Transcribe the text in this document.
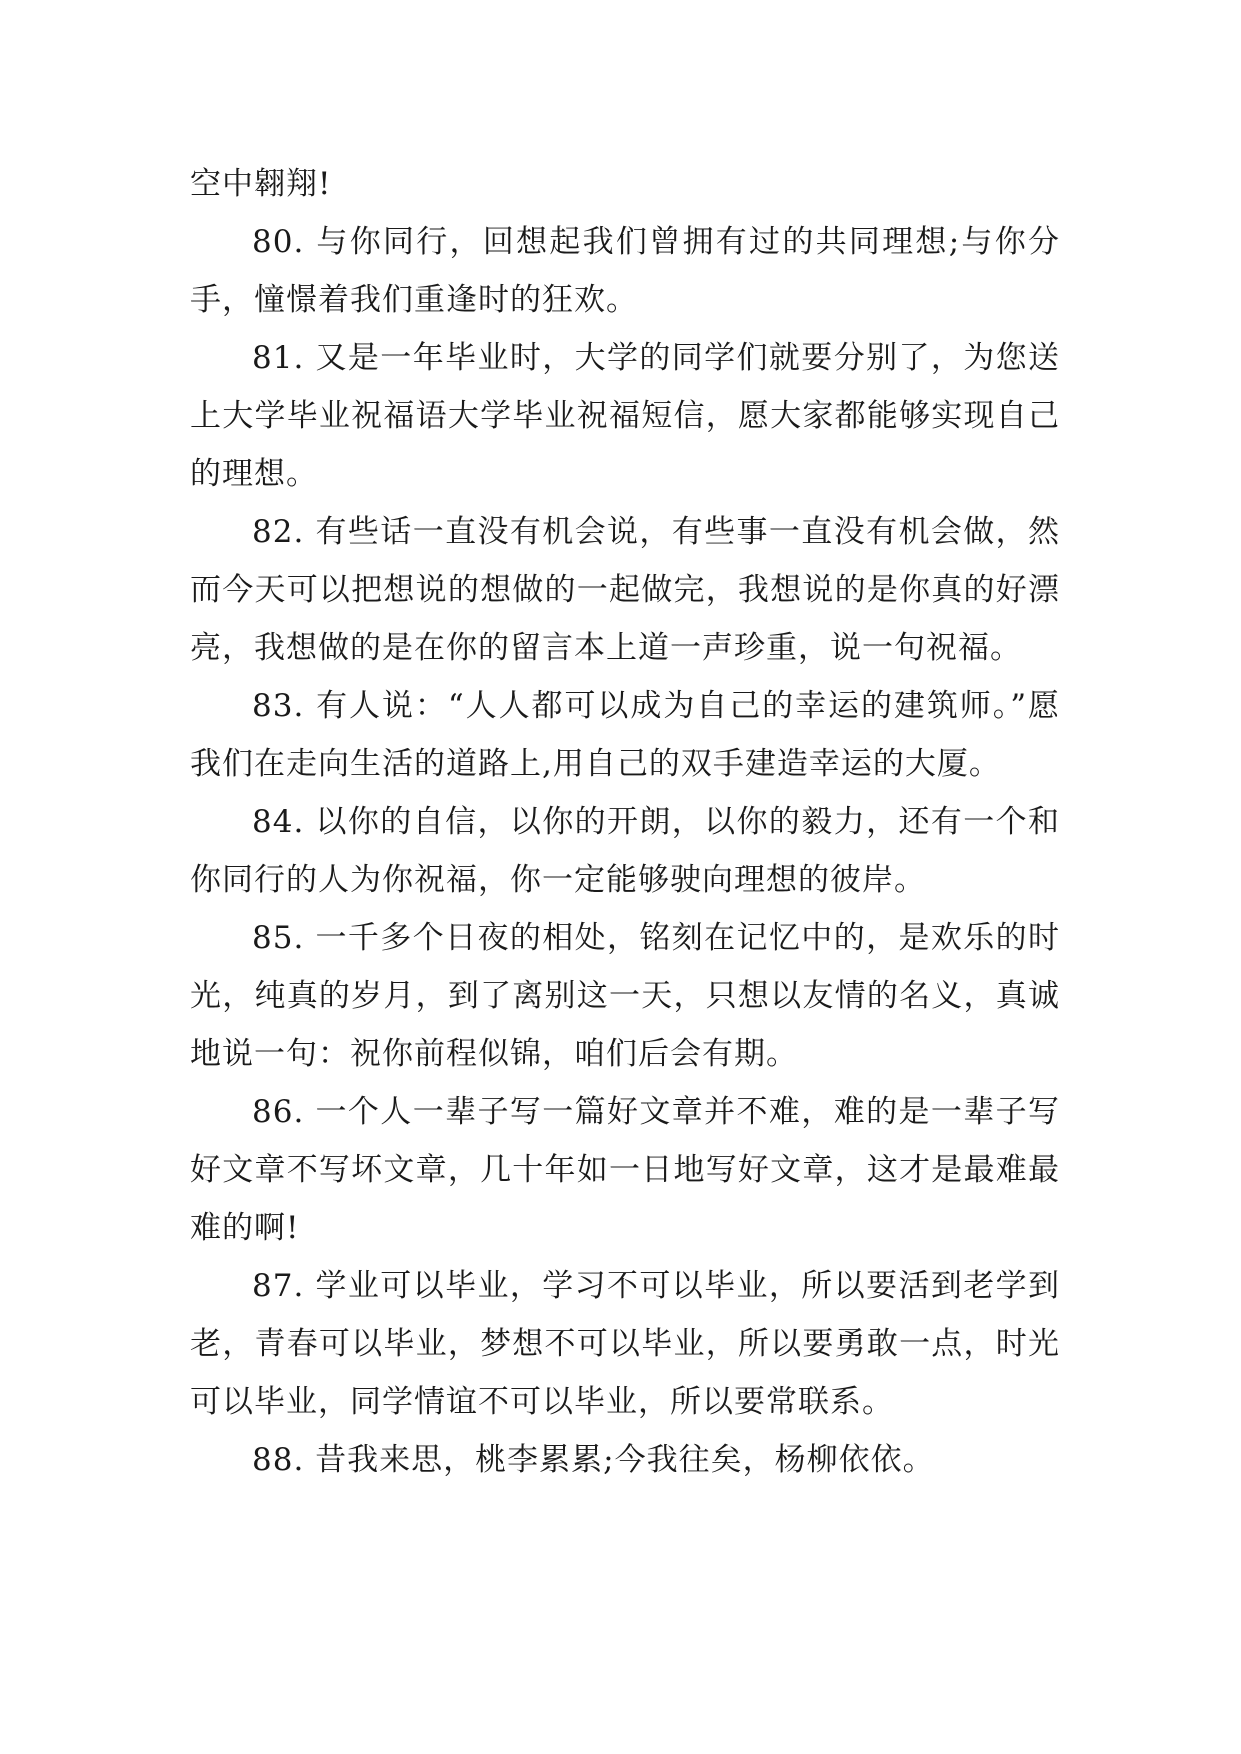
空中翱翔!

80. 与你同行，回想起我们曾拥有过的共同理想;与你分手，憧憬着我们重逢时的狂欢。

81. 又是一年毕业时，大学的同学们就要分别了，为您送上大学毕业祝福语大学毕业祝福短信，愿大家都能够实现自己的理想。

82. 有些话一直没有机会说，有些事一直没有机会做，然而今天可以把想说的想做的一起做完，我想说的是你真的好漂亮，我想做的是在你的留言本上道一声珍重，说一句祝福。

83. 有人说：“人人都可以成为自己的幸运的建筑师。”愿我们在走向生活的道路上,用自己的双手建造幸运的大厦。

84. 以你的自信，以你的开朗，以你的毅力，还有一个和你同行的人为你祝福，你一定能够驶向理想的彼岸。

85. 一千多个日夜的相处，铭刻在记忆中的，是欢乐的时光，纯真的岁月，到了离别这一天，只想以友情的名义，真诚地说一句：祝你前程似锦，咱们后会有期。

86. 一个人一辈子写一篇好文章并不难，难的是一辈子写好文章不写坏文章，几十年如一日地写好文章，这才是最难最难的啊!

87. 学业可以毕业，学习不可以毕业，所以要活到老学到老，青春可以毕业，梦想不可以毕业，所以要勇敢一点，时光可以毕业，同学情谊不可以毕业，所以要常联系。

88. 昔我来思，桃李累累;今我往矣，杨柳依依。
